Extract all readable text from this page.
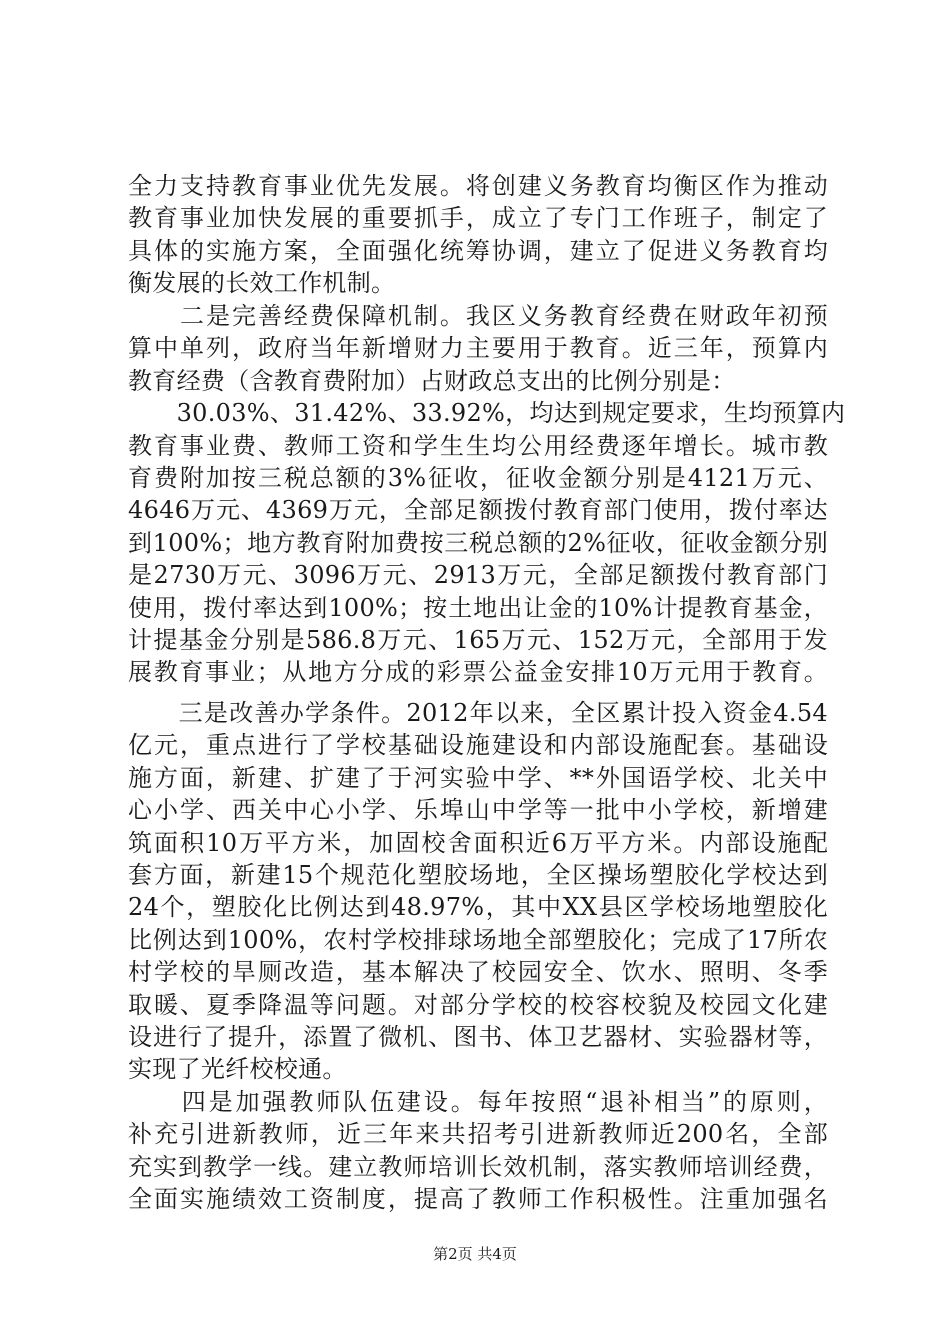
全力支持教育事业优先发展。将创建义务教育均衡区作为推动
教育事业加快发展的重要抓手，成立了专门工作班子，制定了
具体的实施方案，全面强化统筹协调，建立了促进义务教育均
衡发展的长效工作机制。
　　二是完善经费保障机制。我区义务教育经费在财政年初预
算中单列，政府当年新增财力主要用于教育。近三年，预算内
教育经费（含教育费附加）占财政总支出的比例分别是：
　　30.03%、31.42%、33.92%，均达到规定要求，生均预算内
教育事业费、教师工资和学生生均公用经费逐年增长。城市教
育费附加按三税总额的3%征收，征收金额分别是4121万元、
4646万元、4369万元，全部足额拨付教育部门使用，拨付率达
到100%；地方教育附加费按三税总额的2%征收，征收金额分别
是2730万元、3096万元、2913万元，全部足额拨付教育部门
使用，拨付率达到100%；按土地出让金的10%计提教育基金，
计提基金分别是586.8万元、165万元、152万元，全部用于发
展教育事业；从地方分成的彩票公益金安排10万元用于教育。
　　三是改善办学条件。2012年以来，全区累计投入资金4.54
亿元，重点进行了学校基础设施建设和内部设施配套。基础设
施方面，新建、扩建了于河实验中学、**外国语学校、北关中
心小学、西关中心小学、乐埠山中学等一批中小学校，新增建
筑面积10万平方米，加固校舍面积近6万平方米。内部设施配
套方面，新建15个规范化塑胶场地，全区操场塑胶化学校达到
24个，塑胶化比例达到48.97%，其中XX县区学校场地塑胶化
比例达到100%，农村学校排球场地全部塑胶化；完成了17所农
村学校的旱厕改造，基本解决了校园安全、饮水、照明、冬季
取暖、夏季降温等问题。对部分学校的校容校貌及校园文化建
设进行了提升，添置了微机、图书、体卫艺器材、实验器材等，
实现了光纤校校通。
　　四是加强教师队伍建设。每年按照“退补相当”的原则，
补充引进新教师，近三年来共招考引进新教师近200名，全部
充实到教学一线。建立教师培训长效机制，落实教师培训经费，
全面实施绩效工资制度，提高了教师工作积极性。注重加强名
第2页 共4页
